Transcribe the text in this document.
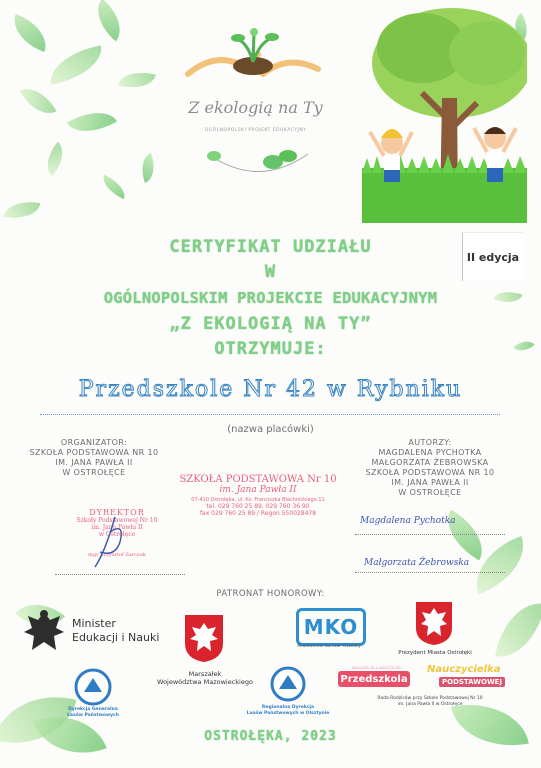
Z ekologią na Ty
OGÓLNOPOLSKI PROJEKT EDUKACYJNY
II edycja
CERTYFIKAT UDZIAŁU
W
OGÓLNOPOLSKIM PROJEKCIE EDUKACYJNYM
„Z EKOLOGIĄ NA TY”
OTRZYMUJE:
Przedszkole Nr 42 w Rybniku
(nazwa placówki)
ORGANIZATOR:
SZKOŁA PODSTAWOWA NR 10
IM. JANA PAWŁA II
W OSTROŁĘCE
AUTORZY:
MAGDALENA PYCHOTKA
MAŁGORZATA ŻEBROWSKA
SZKOŁA PODSTAWOWA NR 10
IM. JANA PAWŁA II
W OSTROŁĘCE
SZKOŁA PODSTAWOWA Nr 10
im. Jana Pawła II
07-410 Ostrołęka, ul. Ks. Franciszka Blachnickiego 11
tel. 029 760 25 89, 029 760 36 90
fax 029 760 25 89 / Regon 550028478
DYREKTOR
Szkoły Podstawowej Nr 10
im. Jana Pawła II
w Ostrołęce
mgr Krzysztof Sarczuk
Magdalena Pychotka
Małgorzata Żebrowska
PATRONAT HONOROWY:
Minister
Edukacji i Nauki
Marszałek
Województwa Mazowieckiego
MKO
Mazowiecki Kurator Oświaty
Prezydent Miasta Ostrołęki
Dyrekcja Generalna
Lasów Państwowych
Regionalna Dyrekcja
Lasów Państwowych w Olsztynie
MAGAZYN DLA NAUCZYCIELI
Przedszkola
Nauczycielka
PODSTAWOWEJ
Rada Rodziców przy Szkole Podstawowej Nr 10
im. Jana Pawła II w Ostrołęce
OSTROŁĘKA, 2023
